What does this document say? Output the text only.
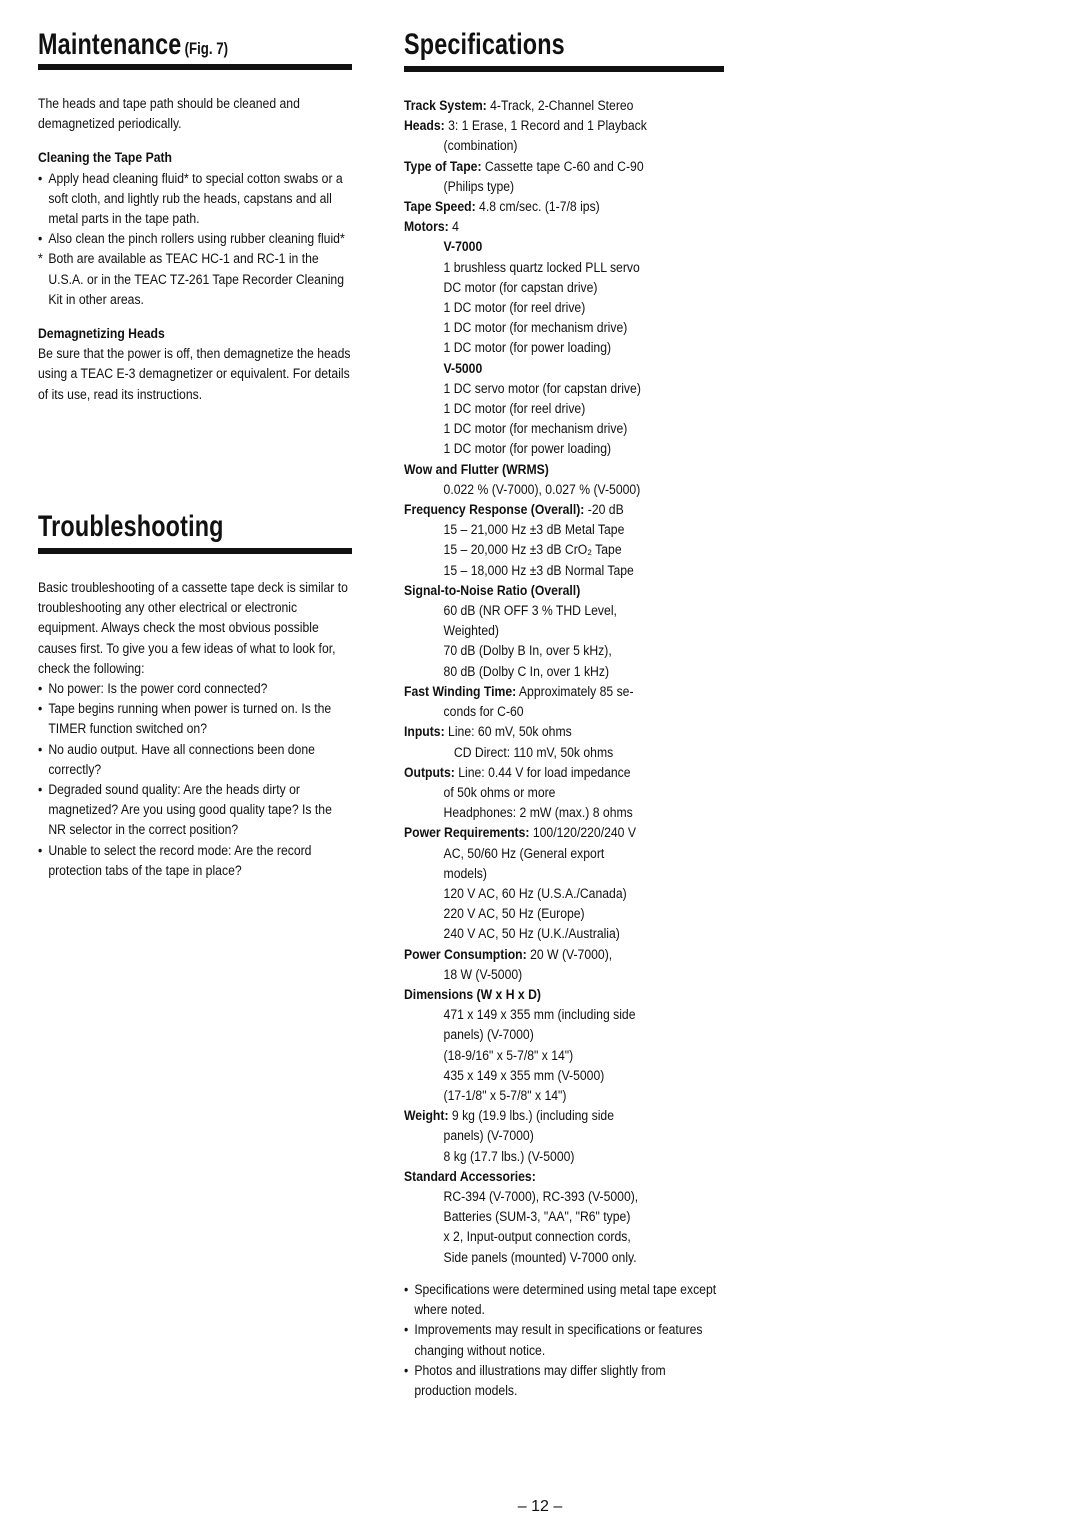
Maintenance (Fig. 7)

The heads and tape path should be cleaned and demagnetized periodically.

Cleaning the Tape Path

• Apply head cleaning fluid* to special cotton swabs or a soft cloth, and lightly rub the heads, capstans and all metal parts in the tape path.

• Also clean the pinch rollers using rubber cleaning fluid*

* Both are available as TEAC HC-1 and RC-1 in the U.S.A. or in the TEAC TZ-261 Tape Recorder Cleaning Kit in other areas.

Demagnetizing Heads

Be sure that the power is off, then demagnetize the heads using a TEAC E-3 demagnetizer or equivalent. For details of its use, read its instructions.

Troubleshooting

Basic troubleshooting of a cassette tape deck is similar to troubleshooting any other electrical or electronic equipment. Always check the most obvious possible causes first. To give you a few ideas of what to look for, check the following:

• No power: Is the power cord connected?

• Tape begins running when power is turned on. Is the TIMER function switched on?

• No audio output. Have all connections been done correctly?

• Degraded sound quality: Are the heads dirty or magnetized? Are you using good quality tape? Is the NR selector in the correct position?

• Unable to select the record mode: Are the record protection tabs of the tape in place?

Specifications

Track System: 4-Track, 2-Channel Stereo

Heads: 3: 1 Erase, 1 Record and 1 Playback

(combination)

Type of Tape: Cassette tape C-60 and C-90

(Philips type)

Tape Speed: 4.8 cm/sec. (1-7/8 ips)

Motors: 4

V-7000

1 brushless quartz locked PLL servo

DC motor (for capstan drive)

1 DC motor (for reel drive)

1 DC motor (for mechanism drive)

1 DC motor (for power loading)

V-5000

1 DC servo motor (for capstan drive)

1 DC motor (for reel drive)

1 DC motor (for mechanism drive)

1 DC motor (for power loading)

Wow and Flutter (WRMS)

0.022 % (V-7000), 0.027 % (V-5000)

Frequency Response (Overall): -20 dB

15 – 21,000 Hz ±3 dB Metal Tape

15 – 20,000 Hz ±3 dB CrO₂ Tape

15 – 18,000 Hz ±3 dB Normal Tape

Signal-to-Noise Ratio (Overall)

60 dB (NR OFF 3 % THD Level,

Weighted)

70 dB (Dolby B In, over 5 kHz),

80 dB (Dolby C In, over 1 kHz)

Fast Winding Time: Approximately 85 se-

conds for C-60

Inputs: Line: 60 mV, 50k ohms

CD Direct: 110 mV, 50k ohms

Outputs: Line: 0.44 V for load impedance

of 50k ohms or more

Headphones: 2 mW (max.) 8 ohms

Power Requirements: 100/120/220/240 V

AC, 50/60 Hz (General export

models)

120 V AC, 60 Hz (U.S.A./Canada)

220 V AC, 50 Hz (Europe)

240 V AC, 50 Hz (U.K./Australia)

Power Consumption: 20 W (V-7000),

18 W (V-5000)

Dimensions (W x H x D)

471 x 149 x 355 mm (including side

panels) (V-7000)

(18-9/16" x 5-7/8" x 14")

435 x 149 x 355 mm (V-5000)

(17-1/8" x 5-7/8" x 14")

Weight: 9 kg (19.9 lbs.) (including side

panels) (V-7000)

8 kg (17.7 lbs.) (V-5000)

Standard Accessories:

RC-394 (V-7000), RC-393 (V-5000),

Batteries (SUM-3, "AA", "R6" type)

x 2, Input-output connection cords,

Side panels (mounted) V-7000 only.

• Specifications were determined using metal tape except where noted.

• Improvements may result in specifications or features changing without notice.

• Photos and illustrations may differ slightly from production models.

– 12 –
